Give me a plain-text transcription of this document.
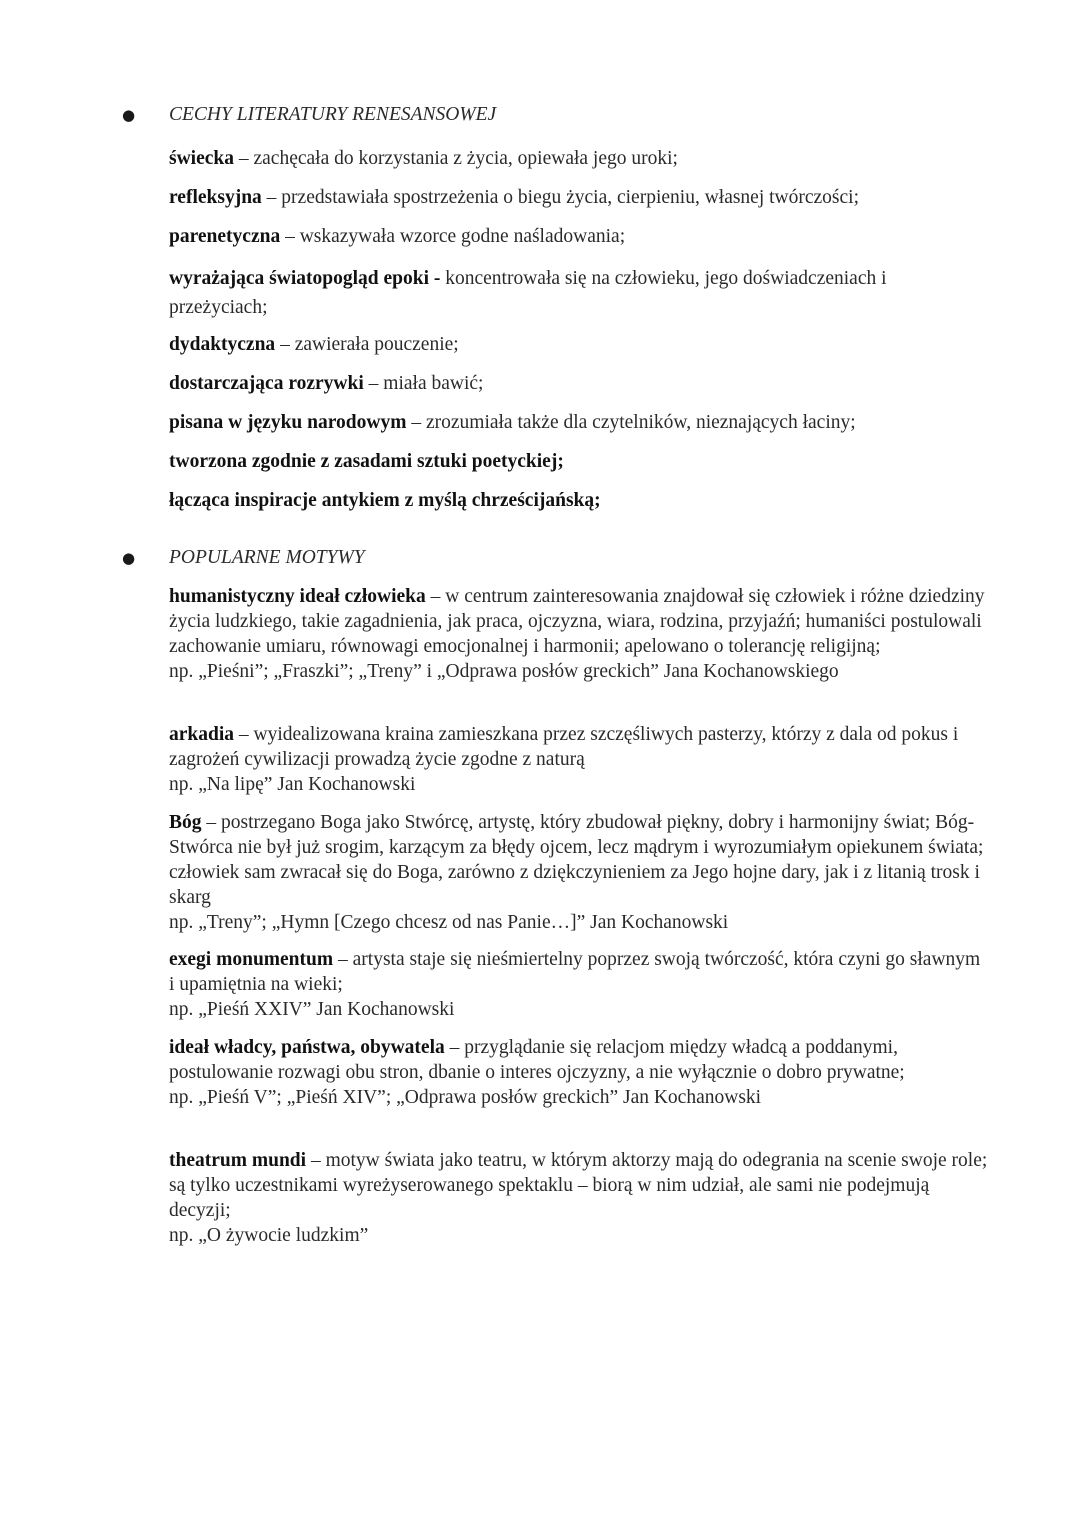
● CECHY LITERATURY RENESANSOWEJ
świecka – zachęcała do korzystania z życia, opiewała jego uroki;
refleksyjna – przedstawiała spostrzeżenia o biegu życia, cierpieniu, własnej twórczości;
parenetyczna – wskazywała wzorce godne naśladowania;
wyrażająca światopogląd epoki - koncentrowała się na człowieku, jego doświadczeniach i przeżyciach;
dydaktyczna – zawierała pouczenie;
dostarczająca rozrywki – miała bawić;
pisana w języku narodowym – zrozumiała także dla czytelników, nieznających łaciny;
tworzona zgodnie z zasadami sztuki poetyckiej;
łącząca inspiracje antykiem z myślą chrześcijańską;
● POPULARNE MOTYWY
humanistyczny ideał człowieka – w centrum zainteresowania znajdował się człowiek i różne dziedziny życia ludzkiego, takie zagadnienia, jak praca, ojczyzna, wiara, rodzina, przyjaźń; humaniści postulowali zachowanie umiaru, równowagi emocjonalnej i harmonii; apelowano o tolerancję religijną;
np. „Pieśni”; „Fraszki”; „Treny” i „Odprawa posłów greckich” Jana Kochanowskiego
arkadia – wyidealizowana kraina zamieszkana przez szczęśliwych pasterzy, którzy z dala od pokus i zagrożeń cywilizacji prowadzą życie zgodne z naturą
np. „Na lipę” Jan Kochanowski
Bóg – postrzegano Boga jako Stwórcę, artystę, który zbudował piękny, dobry i harmonijny świat; Bóg-Stwórca nie był już srogim, karzącym za błędy ojcem, lecz mądrym i wyrozumiałym opiekunem świata; człowiek sam zwracał się do Boga, zarówno z dziękczynieniem za Jego hojne dary, jak i z litanią trosk i skarg
np. „Treny”; „Hymn [Czego chcesz od nas Panie…]” Jan Kochanowski
exegi monumentum – artysta staje się nieśmiertelny poprzez swoją twórczość, która czyni go sławnym i upamiętnia na wieki;
np. „Pieśń XXIV” Jan Kochanowski
ideał władcy, państwa, obywatela – przyglądanie się relacjom między władcą a poddanymi, postulowanie rozwagi obu stron, dbanie o interes ojczyzny, a nie wyłącznie o dobro prywatne;
np. „Pieśń V”; „Pieśń XIV”; „Odprawa posłów greckich” Jan Kochanowski
theatrum mundi – motyw świata jako teatru, w którym aktorzy mają do odegrania na scenie swoje role; są tylko uczestnikami wyreżyserowanego spektaklu – biorą w nim udział, ale sami nie podejmują decyzji;
np. „O żywocie ludzkim”
